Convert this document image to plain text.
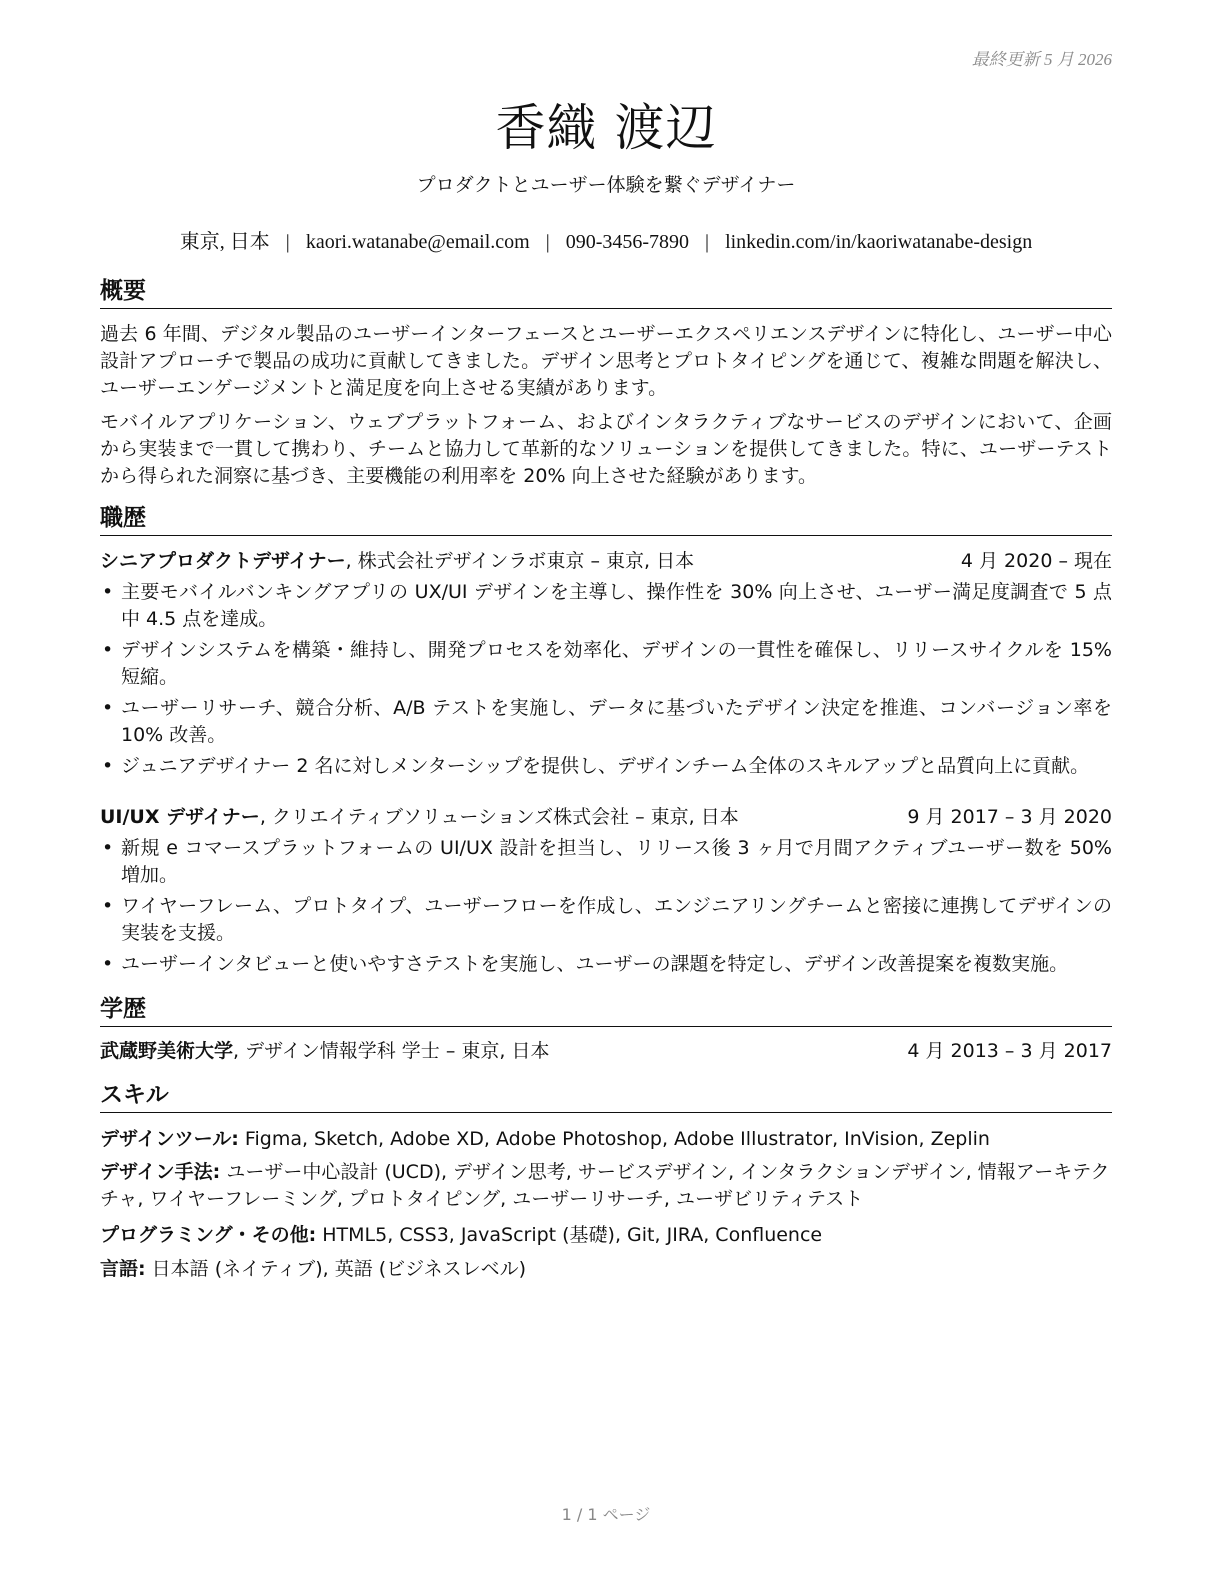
最終更新 5 月 2026
香織 渡辺
プロダクトとユーザー体験を繋ぐデザイナー
東京, 日本 | kaori.watanabe@email.com | 090-3456-7890 | linkedin.com/in/kaoriwatanabe-design
概要
過去 6 年間、デジタル製品のユーザーインターフェースとユーザーエクスペリエンスデザインに特化し、ユーザー中心設計アプローチで製品の成功に貢献してきました。デザイン思考とプロトタイピングを通じて、複雑な問題を解決し、ユーザーエンゲージメントと満足度を向上させる実績があります。
モバイルアプリケーション、ウェブプラットフォーム、およびインタラクティブなサービスのデザインにおいて、企画から実装まで一貫して携わり、チームと協力して革新的なソリューションを提供してきました。特に、ユーザーテストから得られた洞察に基づき、主要機能の利用率を 20% 向上させた経験があります。
職歴
シニアプロダクトデザイナー, 株式会社デザインラボ東京 – 東京, 日本	4 月 2020 – 現在
• 主要モバイルバンキングアプリの UX/UI デザインを主導し、操作性を 30% 向上させ、ユーザー満足度調査で 5 点中 4.5 点を達成。
• デザインシステムを構築・維持し、開発プロセスを効率化、デザインの一貫性を確保し、リリースサイクルを 15% 短縮。
• ユーザーリサーチ、競合分析、A/B テストを実施し、データに基づいたデザイン決定を推進、コンバージョン率を 10% 改善。
• ジュニアデザイナー 2 名に対しメンターシップを提供し、デザインチーム全体のスキルアップと品質向上に貢献。
UI/UX デザイナー, クリエイティブソリューションズ株式会社 – 東京, 日本	9 月 2017 – 3 月 2020
• 新規 e コマースプラットフォームの UI/UX 設計を担当し、リリース後 3 ヶ月で月間アクティブユーザー数を 50% 増加。
• ワイヤーフレーム、プロトタイプ、ユーザーフローを作成し、エンジニアリングチームと密接に連携してデザインの実装を支援。
• ユーザーインタビューと使いやすさテストを実施し、ユーザーの課題を特定し、デザイン改善提案を複数実施。
学歴
武蔵野美術大学, デザイン情報学科 学士 – 東京, 日本	4 月 2013 – 3 月 2017
スキル
デザインツール: Figma, Sketch, Adobe XD, Adobe Photoshop, Adobe Illustrator, InVision, Zeplin
デザイン手法: ユーザー中心設計 (UCD), デザイン思考, サービスデザイン, インタラクションデザイン, 情報アーキテクチャ, ワイヤーフレーミング, プロトタイピング, ユーザーリサーチ, ユーザビリティテスト
プログラミング・その他: HTML5, CSS3, JavaScript (基礎), Git, JIRA, Confluence
言語: 日本語 (ネイティブ), 英語 (ビジネスレベル)
1 / 1 ページ
